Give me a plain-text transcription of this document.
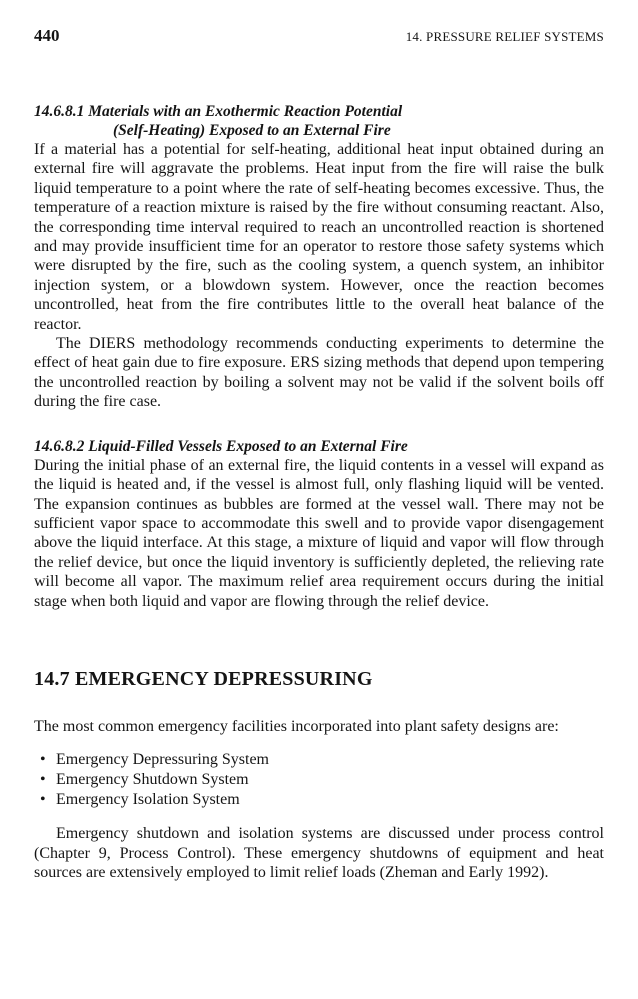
440	14. PRESSURE RELIEF SYSTEMS
14.6.8.1 Materials with an Exothermic Reaction Potential
(Self-Heating) Exposed to an External Fire

If a material has a potential for self-heating, additional heat input obtained during an external fire will aggravate the problems. Heat input from the fire will raise the bulk liquid temperature to a point where the rate of self-heating becomes excessive. Thus, the temperature of a reaction mixture is raised by the fire without consuming reactant. Also, the corresponding time interval required to reach an uncontrolled reaction is shortened and may provide insufficient time for an operator to restore those safety systems which were disrupted by the fire, such as the cooling system, a quench system, an inhibitor injection system, or a blowdown system. However, once the reaction becomes uncontrolled, heat from the fire contributes little to the overall heat balance of the reactor.

The DIERS methodology recommends conducting experiments to determine the effect of heat gain due to fire exposure. ERS sizing methods that depend upon tempering the uncontrolled reaction by boiling a solvent may not be valid if the solvent boils off during the fire case.

14.6.8.2 Liquid-Filled Vessels Exposed to an External Fire

During the initial phase of an external fire, the liquid contents in a vessel will expand as the liquid is heated and, if the vessel is almost full, only flashing liquid will be vented. The expansion continues as bubbles are formed at the vessel wall. There may not be sufficient vapor space to accommodate this swell and to provide vapor disengagement above the liquid interface. At this stage, a mixture of liquid and vapor will flow through the relief device, but once the liquid inventory is sufficiently depleted, the relieving rate will become all vapor. The maximum relief area requirement occurs during the initial stage when both liquid and vapor are flowing through the relief device.

14.7 EMERGENCY DEPRESSURING

The most common emergency facilities incorporated into plant safety designs are:

• Emergency Depressuring System
• Emergency Shutdown System
• Emergency Isolation System

Emergency shutdown and isolation systems are discussed under process control (Chapter 9, Process Control). These emergency shutdowns of equipment and heat sources are extensively employed to limit relief loads (Zheman and Early 1992).
